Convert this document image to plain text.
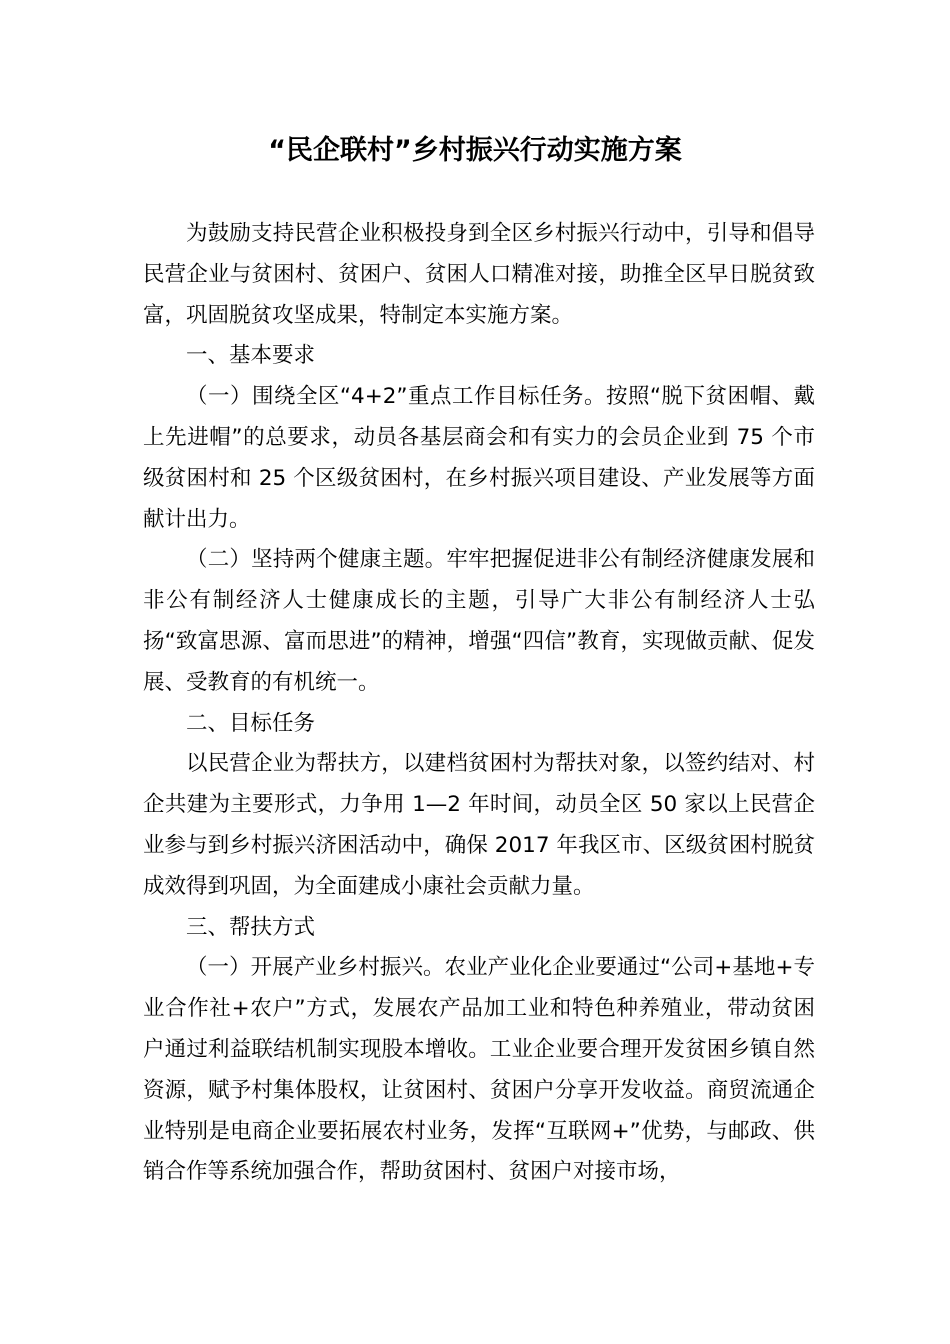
“民企联村”乡村振兴行动实施方案

为鼓励支持民营企业积极投身到全区乡村振兴行动中，引导和倡导民营企业与贫困村、贫困户、贫困人口精准对接，助推全区早日脱贫致富，巩固脱贫攻坚成果，特制定本实施方案。

一、基本要求

（一）围绕全区“4+2”重点工作目标任务。按照“脱下贫困帽、戴上先进帽”的总要求，动员各基层商会和有实力的会员企业到 75 个市级贫困村和 25 个区级贫困村，在乡村振兴项目建设、产业发展等方面献计出力。

（二）坚持两个健康主题。牢牢把握促进非公有制经济健康发展和非公有制经济人士健康成长的主题，引导广大非公有制经济人士弘扬“致富思源、富而思进”的精神，增强“四信”教育，实现做贡献、促发展、受教育的有机统一。

二、目标任务

以民营企业为帮扶方，以建档贫困村为帮扶对象，以签约结对、村企共建为主要形式，力争用 1—2 年时间，动员全区 50 家以上民营企业参与到乡村振兴济困活动中，确保 2017 年我区市、区级贫困村脱贫成效得到巩固，为全面建成小康社会贡献力量。

三、帮扶方式

（一）开展产业乡村振兴。农业产业化企业要通过“公司+基地+专业合作社+农户”方式，发展农产品加工业和特色种养殖业，带动贫困户通过利益联结机制实现股本增收。工业企业要合理开发贫困乡镇自然资源，赋予村集体股权，让贫困村、贫困户分享开发收益。商贸流通企业特别是电商企业要拓展农村业务，发挥“互联网+”优势，与邮政、供销合作等系统加强合作，帮助贫困村、贫困户对接市场，
